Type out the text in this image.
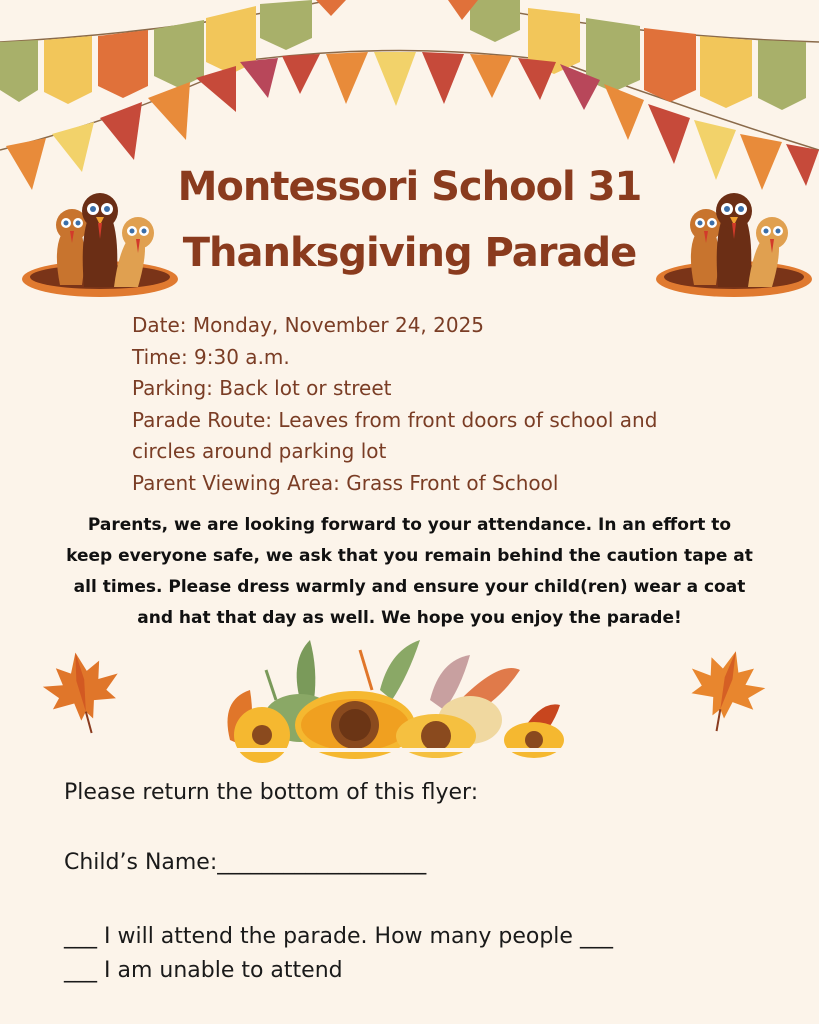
Montessori School 31
Thanksgiving Parade
Date: Monday, November 24, 2025
Time: 9:30 a.m.
Parking: Back lot or street
Parade Route: Leaves from front doors of school and
circles around parking lot
Parent Viewing Area: Grass Front of School
Parents, we are looking forward to your attendance. In an effort to
keep everyone safe, we ask that you remain behind the caution tape at
all times. Please dress warmly and ensure your child(ren) wear a coat
and hat that day as well. We hope you enjoy the parade!
Please return the bottom of this flyer:
Child’s Name:___________________
___ I will attend the parade. How many people ___
___ I am unable to attend
